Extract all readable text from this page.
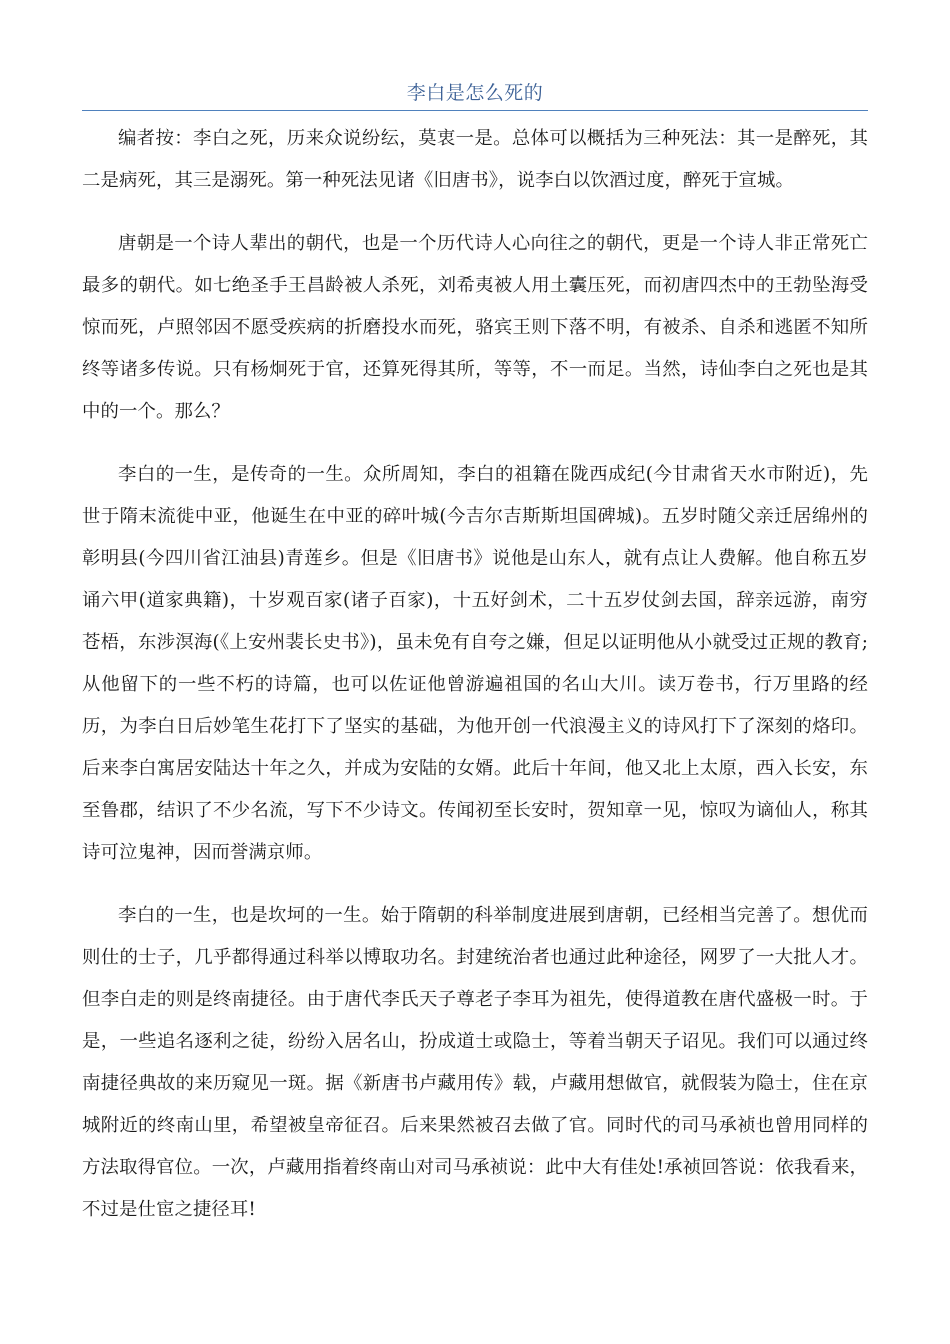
李白是怎么死的

编者按：李白之死，历来众说纷纭，莫衷一是。总体可以概括为三种死法：其一是醉死，其二是病死，其三是溺死。第一种死法见诸《旧唐书》，说李白以饮酒过度，醉死于宣城。

唐朝是一个诗人辈出的朝代，也是一个历代诗人心向往之的朝代，更是一个诗人非正常死亡最多的朝代。如七绝圣手王昌龄被人杀死，刘希夷被人用土囊压死，而初唐四杰中的王勃坠海受惊而死，卢照邻因不愿受疾病的折磨投水而死，骆宾王则下落不明，有被杀、自杀和逃匿不知所终等诸多传说。只有杨炯死于官，还算死得其所，等等，不一而足。当然，诗仙李白之死也是其中的一个。那么？

李白的一生，是传奇的一生。众所周知，李白的祖籍在陇西成纪(今甘肃省天水市附近)，先世于隋末流徙中亚，他诞生在中亚的碎叶城(今吉尔吉斯斯坦国碑城)。五岁时随父亲迁居绵州的彰明县(今四川省江油县)青莲乡。但是《旧唐书》说他是山东人，就有点让人费解。他自称五岁诵六甲(道家典籍)，十岁观百家(诸子百家)，十五好剑术，二十五岁仗剑去国，辞亲远游，南穷苍梧，东涉溟海(《上安州裴长史书》)，虽未免有自夸之嫌，但足以证明他从小就受过正规的教育;从他留下的一些不朽的诗篇，也可以佐证他曾游遍祖国的名山大川。读万卷书，行万里路的经历，为李白日后妙笔生花打下了坚实的基础，为他开创一代浪漫主义的诗风打下了深刻的烙印。后来李白寓居安陆达十年之久，并成为安陆的女婿。此后十年间，他又北上太原，西入长安，东至鲁郡，结识了不少名流，写下不少诗文。传闻初至长安时，贺知章一见，惊叹为谪仙人，称其诗可泣鬼神，因而誉满京师。

李白的一生，也是坎坷的一生。始于隋朝的科举制度进展到唐朝，已经相当完善了。想优而则仕的士子，几乎都得通过科举以博取功名。封建统治者也通过此种途径，网罗了一大批人才。但李白走的则是终南捷径。由于唐代李氏天子尊老子李耳为祖先，使得道教在唐代盛极一时。于是，一些追名逐利之徒，纷纷入居名山，扮成道士或隐士，等着当朝天子诏见。我们可以通过终南捷径典故的来历窥见一斑。据《新唐书卢藏用传》载，卢藏用想做官，就假装为隐士，住在京城附近的终南山里，希望被皇帝征召。后来果然被召去做了官。同时代的司马承祯也曾用同样的方法取得官位。一次，卢藏用指着终南山对司马承祯说：此中大有佳处!承祯回答说：依我看来，不过是仕宦之捷径耳!
